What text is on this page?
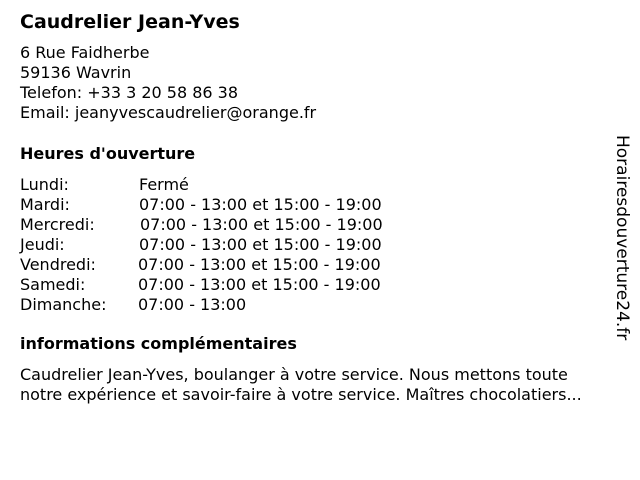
Caudrelier Jean-Yves
6 Rue Faidherbe
59136 Wavrin
Telefon: +33 3 20 58 86 38
Email: jeanyvescaudrelier@orange.fr
Heures d'ouverture
Lundi:	Fermé
Mardi:	07:00 - 13:00 et 15:00 - 19:00
Mercredi:	07:00 - 13:00 et 15:00 - 19:00
Jeudi:	07:00 - 13:00 et 15:00 - 19:00
Vendredi:	07:00 - 13:00 et 15:00 - 19:00
Samedi:	07:00 - 13:00 et 15:00 - 19:00
Dimanche: 07:00 - 13:00
informations complémentaires
Caudrelier Jean-Yves, boulanger à votre service. Nous mettons toute
notre expérience et savoir-faire à votre service. Maîtres chocolatiers...
Horairesdouverture24.fr
